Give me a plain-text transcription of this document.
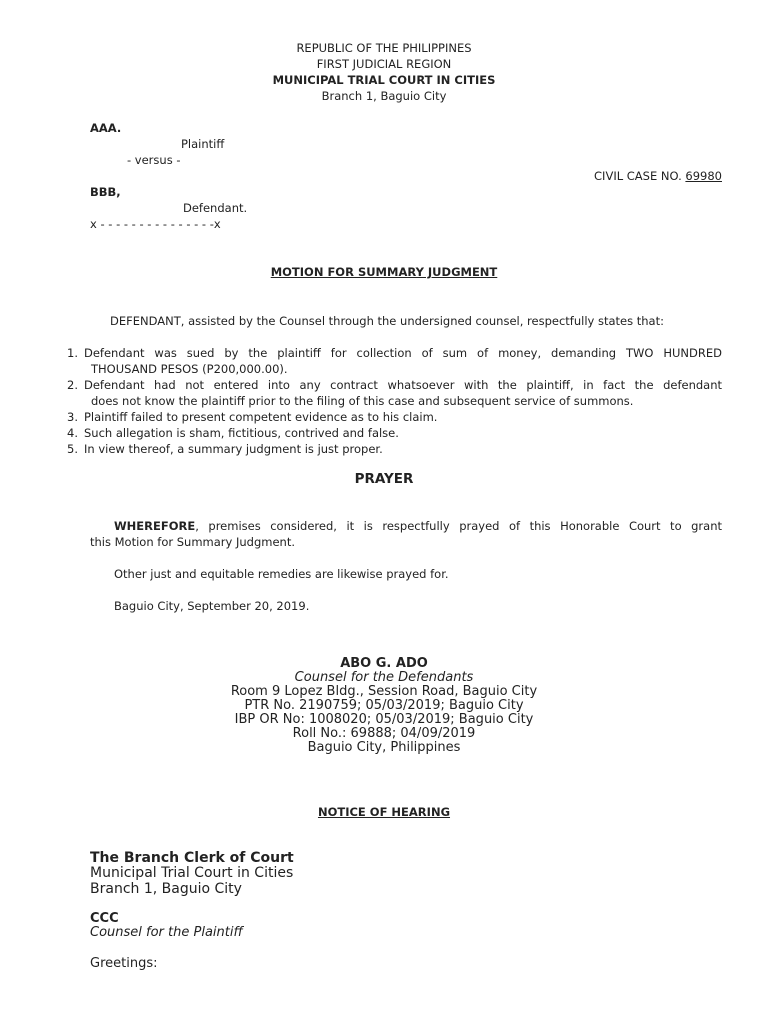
REPUBLIC OF THE PHILIPPINES
FIRST JUDICIAL REGION
MUNICIPAL TRIAL COURT IN CITIES
Branch 1, Baguio City
AAA.
Plaintiff
- versus -
CIVIL CASE NO. 69980
BBB,
Defendant.
x - - - - - - - - - - - - - - -x
MOTION FOR SUMMARY JUDGMENT
DEFENDANT, assisted by the Counsel through the undersigned counsel, respectfully states that:
1. Defendant was sued by the plaintiff for collection of sum of money, demanding TWO HUNDRED
THOUSAND PESOS (P200,000.00).
2. Defendant had not entered into any contract whatsoever with the plaintiff, in fact the defendant
does not know the plaintiff prior to the filing of this case and subsequent service of summons.
3. Plaintiff failed to present competent evidence as to his claim.
4. Such allegation is sham, fictitious, contrived and false.
5. In view thereof, a summary judgment is just proper.
PRAYER
WHEREFORE, premises considered, it is respectfully prayed of this Honorable Court to grant
this Motion for Summary Judgment.
Other just and equitable remedies are likewise prayed for.
Baguio City, September 20, 2019.
ABO G. ADO
Counsel for the Defendants
Room 9 Lopez Bldg., Session Road, Baguio City
PTR No. 2190759; 05/03/2019; Baguio City
IBP OR No: 1008020; 05/03/2019; Baguio City
Roll No.: 69888; 04/09/2019
Baguio City, Philippines
NOTICE OF HEARING
The Branch Clerk of Court
Municipal Trial Court in Cities
Branch 1, Baguio City
CCC
Counsel for the Plaintiff
Greetings:
